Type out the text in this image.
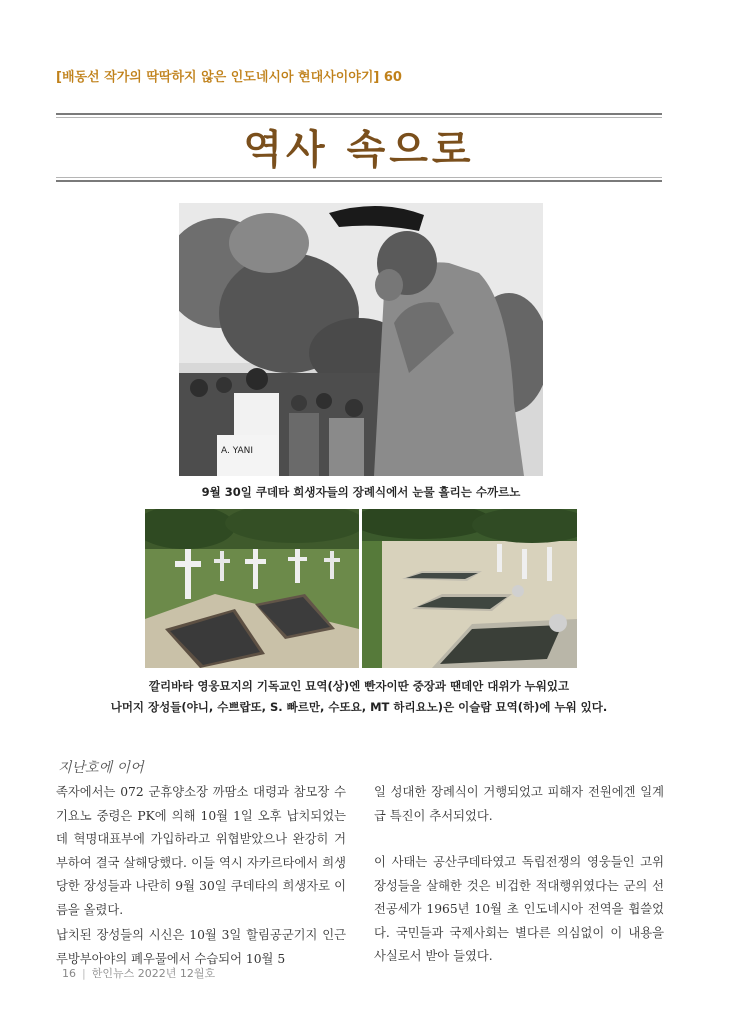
[배동선 작가의 딱딱하지 않은 인도네시아 현대사이야기] 60
역사 속으로
A. YANI
9월 30일 쿠데타 희생자들의 장례식에서 눈물 흘리는 수까르노
깔리바타 영웅묘지의 기독교인 묘역(상)엔 빤자이딴 중장과 땐데안 대위가 누워있고
나머지 장성들(야니, 수쁘랍또, S. 빠르만, 수또요, MT 하리요노)은 이슬람 묘역(하)에 누워 있다.
지난호에 이어

족자에서는 072 군휴양소장 까땀소 대령과 참모장 수기요노 중령은 PK에 의해 10월 1일 오후 납치되었는데 혁명대표부에 가입하라고 위협받았으나 완강히 거부하여 결국 살해당했다. 이들 역시 자카르타에서 희생당한 장성들과 나란히 9월 30일 쿠데타의 희생자로 이름을 올렸다.

납치된 장성들의 시신은 10월 3일 할림공군기지 인근 루방부아야의 폐우물에서 수습되어 10월 5

일 성대한 장례식이 거행되었고 피해자 전원에겐 일계급 특진이 추서되었다.

이 사태는 공산쿠데타였고 독립전쟁의 영웅들인 고위 장성들을 살해한 것은 비겁한 적대행위였다는 군의 선전공세가 1965년 10월 초 인도네시아 전역을 휩쓸었다. 국민들과 국제사회는 별다른 의심없이 이 내용을 사실로서 받아 들였다.

16 | 한인뉴스 2022년 12월호
